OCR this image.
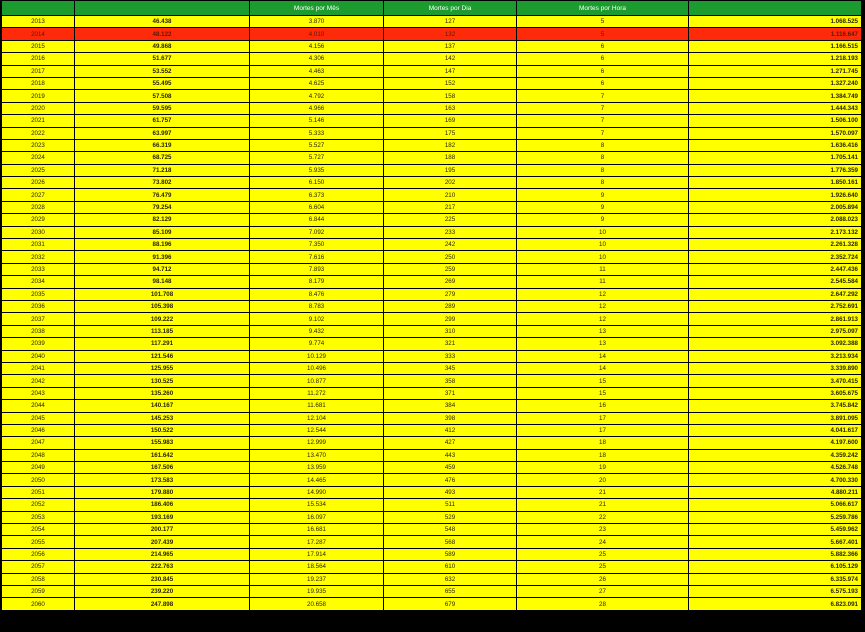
		Mortes por Mês	Mortes por Dia	Mortes por Hora	
2013	46.438	3.870	127	5	1.068.525
2014	48.122	4.010	132	5	1.116.647
2015	49.868	4.156	137	6	1.166.515
2016	51.677	4.306	142	6	1.218.193
2017	53.552	4.463	147	6	1.271.745
2018	55.495	4.625	152	6	1.327.240
2019	57.508	4.792	158	7	1.384.749
2020	59.595	4.966	163	7	1.444.343
2021	61.757	5.146	169	7	1.506.100
2022	63.997	5.333	175	7	1.570.097
2023	66.319	5.527	182	8	1.636.416
2024	68.725	5.727	188	8	1.705.141
2025	71.218	5.935	195	8	1.776.359
2026	73.802	6.150	202	8	1.850.161
2027	76.479	6.373	210	9	1.926.640
2028	79.254	6.604	217	9	2.005.894
2029	82.129	6.844	225	9	2.088.023
2030	85.109	7.092	233	10	2.173.132
2031	88.196	7.350	242	10	2.261.328
2032	91.396	7.616	250	10	2.352.724
2033	94.712	7.893	259	11	2.447.436
2034	98.148	8.179	269	11	2.545.584
2035	101.708	8.476	279	12	2.647.292
2036	105.398	8.783	289	12	2.752.691
2037	109.222	9.102	299	12	2.861.913
2038	113.185	9.432	310	13	2.975.097
2039	117.291	9.774	321	13	3.092.388
2040	121.546	10.129	333	14	3.213.934
2041	125.955	10.496	345	14	3.339.890
2042	130.525	10.877	358	15	3.470.415
2043	135.260	11.272	371	15	3.605.675
2044	140.167	11.681	384	16	3.745.842
2045	145.253	12.104	398	17	3.891.095
2046	150.522	12.544	412	17	4.041.617
2047	155.983	12.999	427	18	4.197.600
2048	161.642	13.470	443	18	4.359.242
2049	167.506	13.959	459	19	4.526.748
2050	173.583	14.465	476	20	4.700.330
2051	179.880	14.990	493	21	4.880.211
2052	186.406	15.534	511	21	5.066.617
2053	193.169	16.097	529	22	5.259.786
2054	200.177	16.681	548	23	5.459.962
2055	207.439	17.287	568	24	5.667.401
2056	214.965	17.914	589	25	5.882.366
2057	222.763	18.564	610	25	6.105.129
2058	230.845	19.237	632	26	6.335.974
2059	239.220	19.935	655	27	6.575.193
2060	247.898	20.658	679	28	6.823.091
